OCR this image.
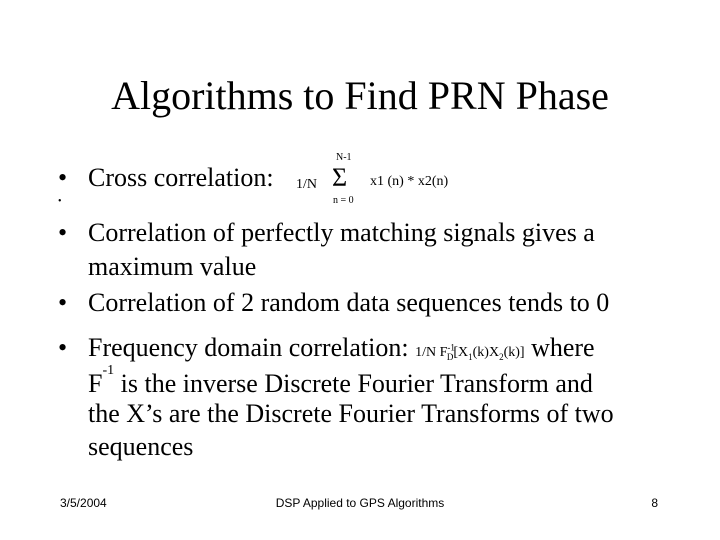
Algorithms to Find PRN Phase
• Cross correlation: 1/N
N-1
Σ
n = 0
x1 (n) * x2(n)
•
• Correlation of perfectly matching signals gives a
maximum value
• Correlation of 2 random data sequences tends to 0
• Frequency domain correlation: 1/N $F^{-1}_D[X_1(k)X_2(k)]$ where
$F^{-1}$ is the inverse Discrete Fourier Transform and
the X’s are the Discrete Fourier Transforms of two
sequences
3/5/2004	DSP Applied to GPS Algorithms	8
